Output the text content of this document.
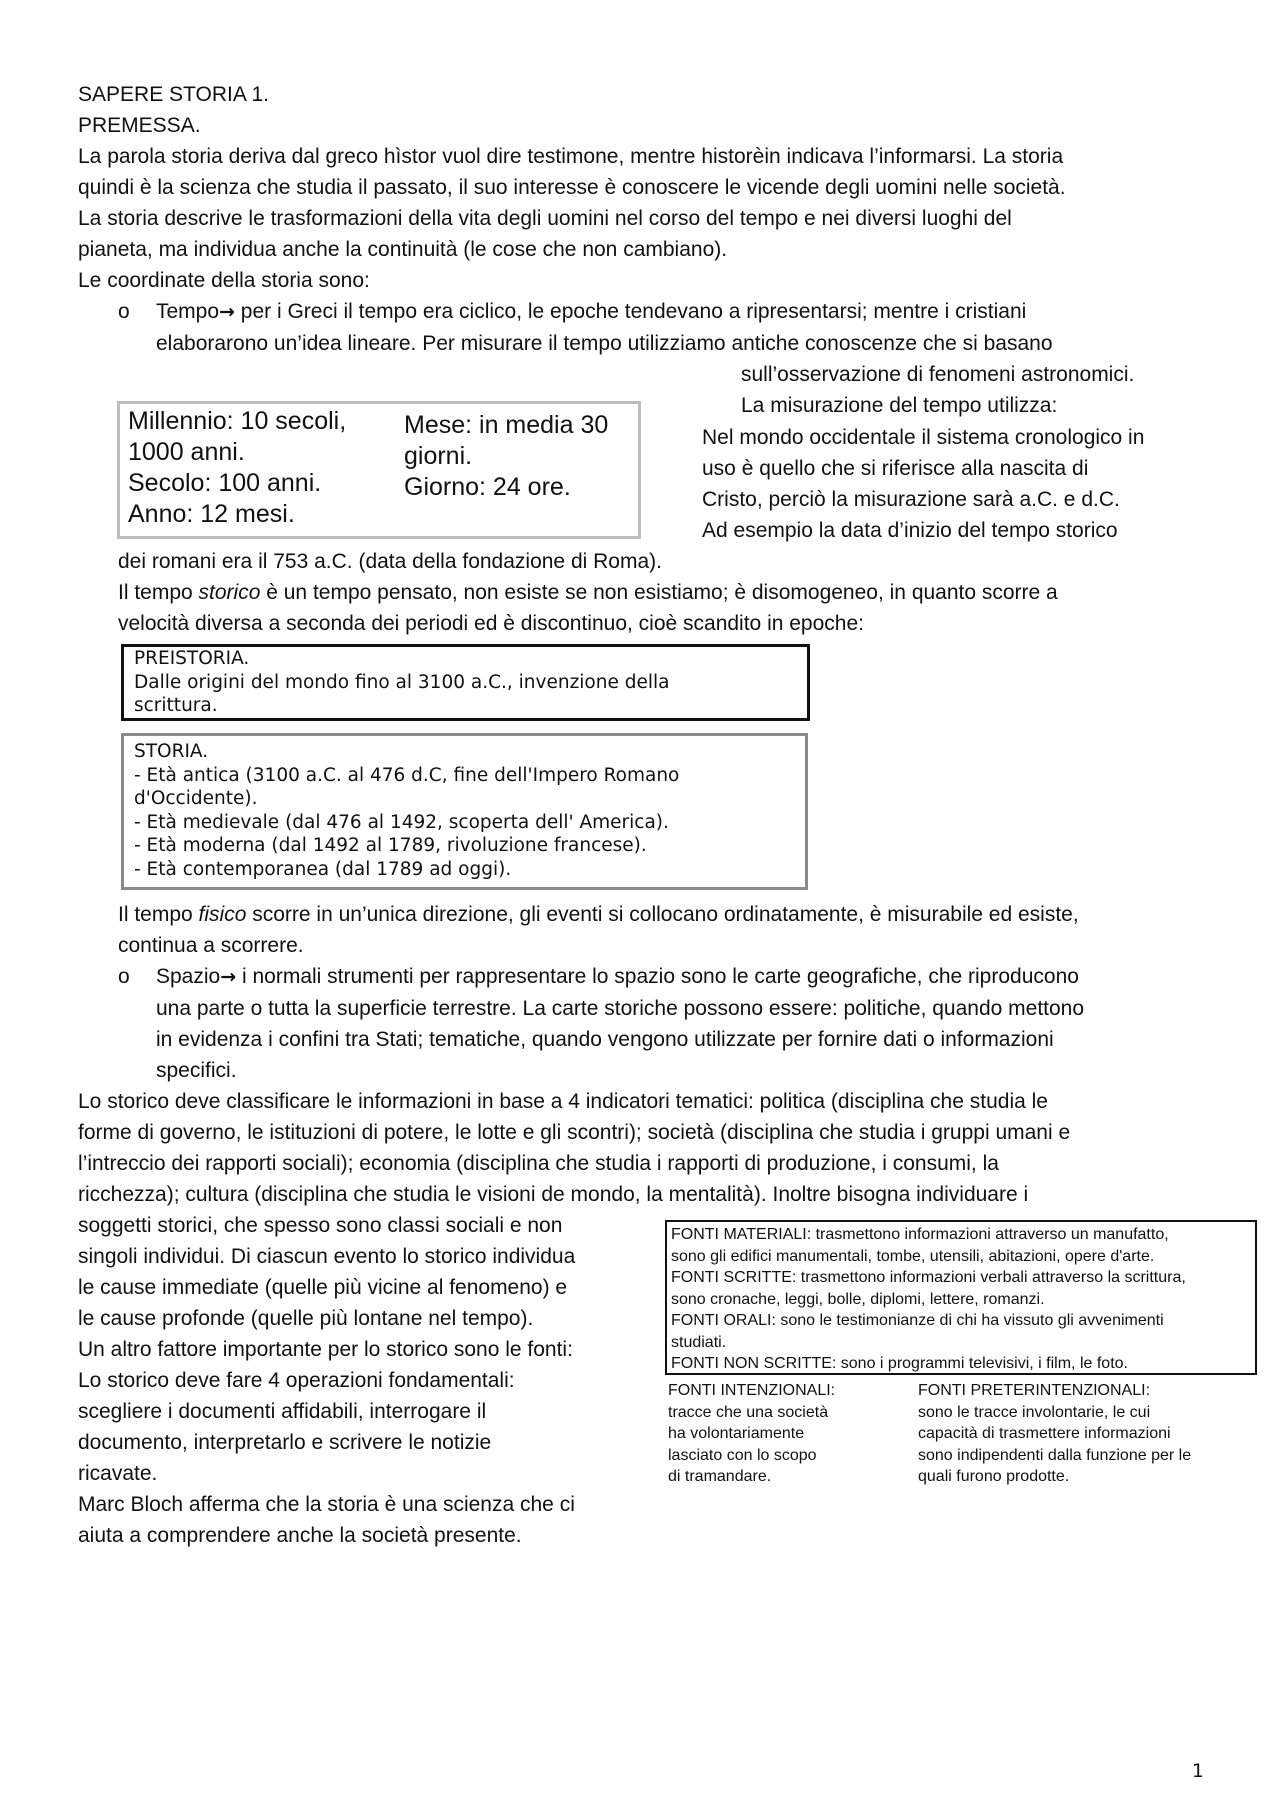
SAPERE STORIA 1.

PREMESSA.

La parola storia deriva dal greco hìstor vuol dire testimone, mentre historèin indicava l’informarsi. La storia

quindi è la scienza che studia il passato, il suo interesse è conoscere le vicende degli uomini nelle società.

La storia descrive le trasformazioni della vita degli uomini nel corso del tempo e nei diversi luoghi del

pianeta, ma individua anche la continuità (le cose che non cambiano).

Le coordinate della storia sono:

o Tempo→ per i Greci il tempo era ciclico, le epoche tendevano a ripresentarsi; mentre i cristiani

elaborarono un’idea lineare. Per misurare il tempo utilizziamo antiche conoscenze che si basano

sull’osservazione di fenomeni astronomici.

La misurazione del tempo utilizza:

Millennio: 10 secoli,
1000 anni.
Secolo: 100 anni.
Anno: 12 mesi.
Mese: in media 30
giorni.
Giorno: 24 ore.

Nel mondo occidentale il sistema cronologico in

uso è quello che si riferisce alla nascita di

Cristo, perciò la misurazione sarà a.C. e d.C.

Ad esempio la data d’inizio del tempo storico

dei romani era il 753 a.C. (data della fondazione di Roma).

Il tempo storico è un tempo pensato, non esiste se non esistiamo; è disomogeneo, in quanto scorre a

velocità diversa a seconda dei periodi ed è discontinuo, cioè scandito in epoche:

PREISTORIA.
Dalle origini del mondo fino al 3100 a.C., invenzione della
scrittura.
STORIA.
- Età antica (3100 a.C. al 476 d.C, fine dell'Impero Romano
d'Occidente).
- Età medievale (dal 476 al 1492, scoperta dell' America).
- Età moderna (dal 1492 al 1789, rivoluzione francese).
- Età contemporanea (dal 1789 ad oggi).

Il tempo fisico scorre in un’unica direzione, gli eventi si collocano ordinatamente, è misurabile ed esiste,

continua a scorrere.

o Spazio→ i normali strumenti per rappresentare lo spazio sono le carte geografiche, che riproducono

una parte o tutta la superficie terrestre. La carte storiche possono essere: politiche, quando mettono

in evidenza i confini tra Stati; tematiche, quando vengono utilizzate per fornire dati o informazioni

specifici.

Lo storico deve classificare le informazioni in base a 4 indicatori tematici: politica (disciplina che studia le

forme di governo, le istituzioni di potere, le lotte e gli scontri); società (disciplina che studia i gruppi umani e

l’intreccio dei rapporti sociali); economia (disciplina che studia i rapporti di produzione, i consumi, la

ricchezza); cultura (disciplina che studia le visioni de mondo, la mentalità). Inoltre bisogna individuare i

soggetti storici, che spesso sono classi sociali e non

singoli individui. Di ciascun evento lo storico individua

le cause immediate (quelle più vicine al fenomeno) e

le cause profonde (quelle più lontane nel tempo).

Un altro fattore importante per lo storico sono le fonti:

Lo storico deve fare 4 operazioni fondamentali:

scegliere i documenti affidabili, interrogare il

documento, interpretarlo e scrivere le notizie

ricavate.

Marc Bloch afferma che la storia è una scienza che ci

aiuta a comprendere anche la società presente.

FONTI MATERIALI: trasmettono informazioni attraverso un manufatto,
sono gli edifici manumentali, tombe, utensili, abitazioni, opere d'arte.
FONTI SCRITTE: trasmettono informazioni verbali attraverso la scrittura,
sono cronache, leggi, bolle, diplomi, lettere, romanzi.
FONTI ORALI: sono le testimonianze di chi ha vissuto gli avvenimenti
studiati.
FONTI NON SCRITTE: sono i programmi televisivi, i film, le foto.
FONTI INTENZIONALI:
tracce che una società
ha volontariamente
lasciato con lo scopo
di tramandare.
FONTI PRETERINTENZIONALI:
sono le tracce involontarie, le cui
capacità di trasmettere informazioni
sono indipendenti dalla funzione per le
quali furono prodotte.

1
